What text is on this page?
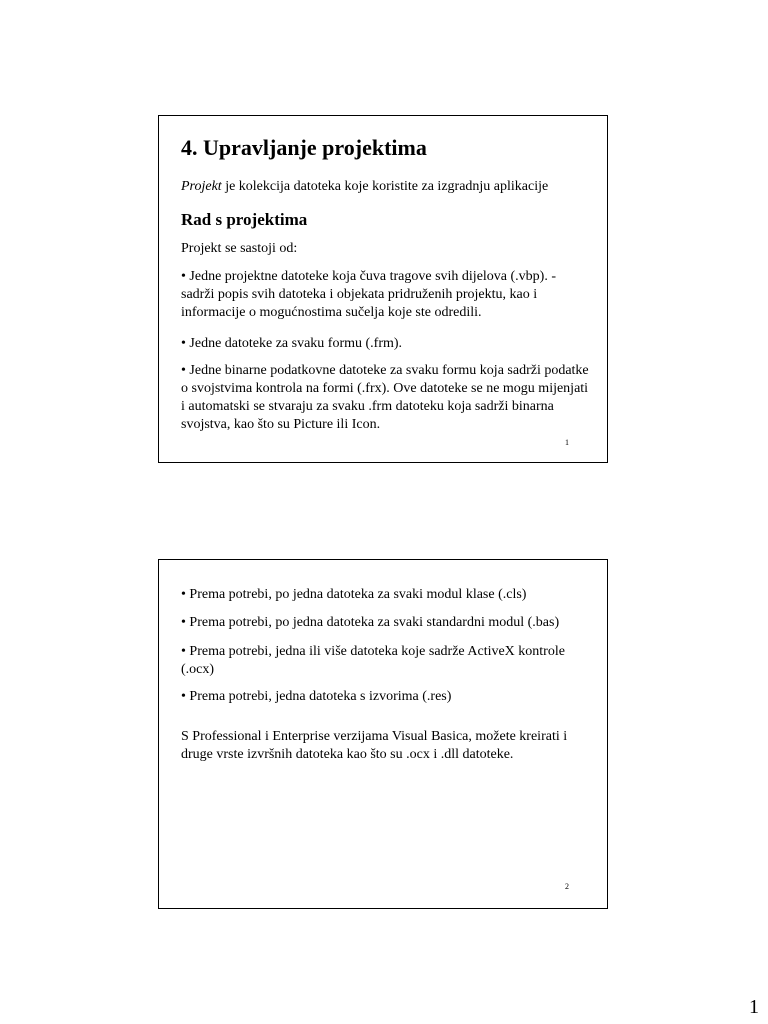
4. Upravljanje projektima

Projekt je kolekcija datoteka koje koristite za izgradnju aplikacije

Rad s projektima

Projekt se sastoji od:

• Jedne projektne datoteke koja čuva tragove svih dijelova (.vbp). - sadrži popis svih datoteka i objekata pridruženih projektu, kao i informacije o mogućnostima sučelja koje ste odredili.

• Jedne datoteke za svaku formu (.frm).

• Jedne binarne podatkovne datoteke za svaku formu koja sadrži podatke o svojstvima kontrola na formi (.frx). Ove datoteke se ne mogu mijenjati i automatski se stvaraju za svaku .frm datoteku koja sadrži binarna svojstva, kao što su Picture ili Icon.

1

• Prema potrebi, po jedna datoteka za svaki modul klase (.cls)

• Prema potrebi, po jedna datoteka za svaki standardni modul (.bas)

• Prema potrebi, jedna ili više datoteka koje sadrže ActiveX kontrole (.ocx)

• Prema potrebi, jedna datoteka s izvorima (.res)

S Professional i Enterprise verzijama Visual Basica, možete kreirati i druge vrste izvršnih datoteka kao što su .ocx i .dll datoteke.

2
1
